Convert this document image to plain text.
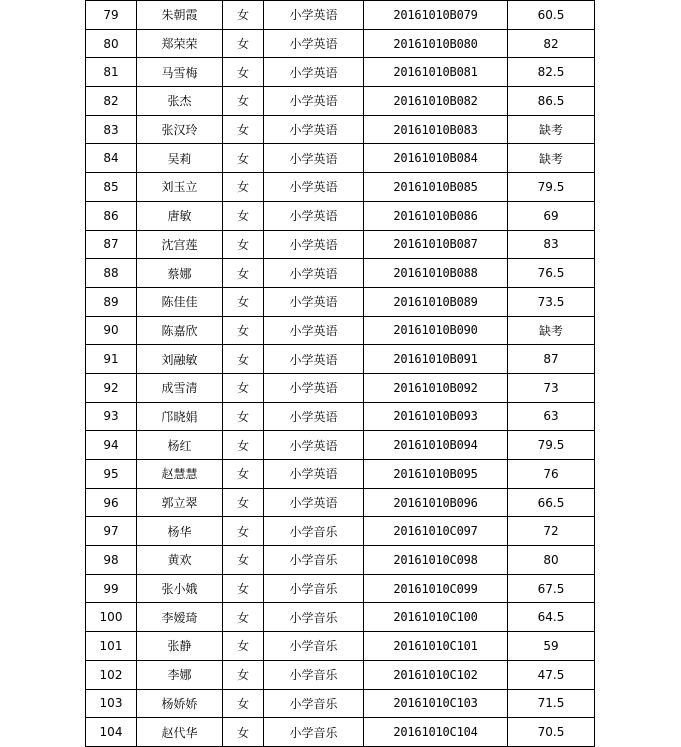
79	朱朝霞	女	小学英语	20161010B079	60.5
80	郑荣荣	女	小学英语	20161010B080	82
81	马雪梅	女	小学英语	20161010B081	82.5
82	张杰	女	小学英语	20161010B082	86.5
83	张汉玲	女	小学英语	20161010B083	缺考
84	吴莉	女	小学英语	20161010B084	缺考
85	刘玉立	女	小学英语	20161010B085	79.5
86	唐敏	女	小学英语	20161010B086	69
87	沈宫莲	女	小学英语	20161010B087	83
88	蔡娜	女	小学英语	20161010B088	76.5
89	陈佳佳	女	小学英语	20161010B089	73.5
90	陈嘉欣	女	小学英语	20161010B090	缺考
91	刘融敏	女	小学英语	20161010B091	87
92	成雪清	女	小学英语	20161010B092	73
93	邝晓娟	女	小学英语	20161010B093	63
94	杨红	女	小学英语	20161010B094	79.5
95	赵慧慧	女	小学英语	20161010B095	76
96	郭立翠	女	小学英语	20161010B096	66.5
97	杨华	女	小学音乐	20161010C097	72
98	黄欢	女	小学音乐	20161010C098	80
99	张小娥	女	小学音乐	20161010C099	67.5
100	李嫒琦	女	小学音乐	20161010C100	64.5
101	张静	女	小学音乐	20161010C101	59
102	李娜	女	小学音乐	20161010C102	47.5
103	杨娇娇	女	小学音乐	20161010C103	71.5
104	赵代华	女	小学音乐	20161010C104	70.5
